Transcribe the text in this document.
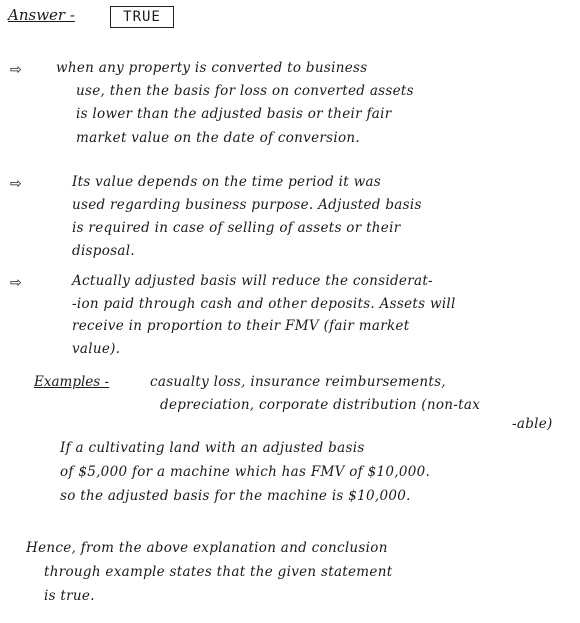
Answer -	TRUE
⇨	when any property is converted to business
use, then the basis for loss on converted assets
is lower than the adjusted basis or their fair
market value on the date of conversion.
⇨	Its value depends on the time period it was
used regarding business purpose. Adjusted basis
is required in case of selling of assets or their
disposal.
⇨	Actually adjusted basis will reduce the considerat-
-ion paid through cash and other deposits. Assets will
receive in proportion to their FMV (fair market
value).
Examples -	casualty loss, insurance reimbursements,
depreciation, corporate distribution (non-tax
-able)
If a cultivating land with an adjusted basis
of $5,000 for a machine which has FMV of $10,000.
so the adjusted basis for the machine is $10,000.
Hence, from the above explanation and conclusion
through example states that the given statement
is true.
